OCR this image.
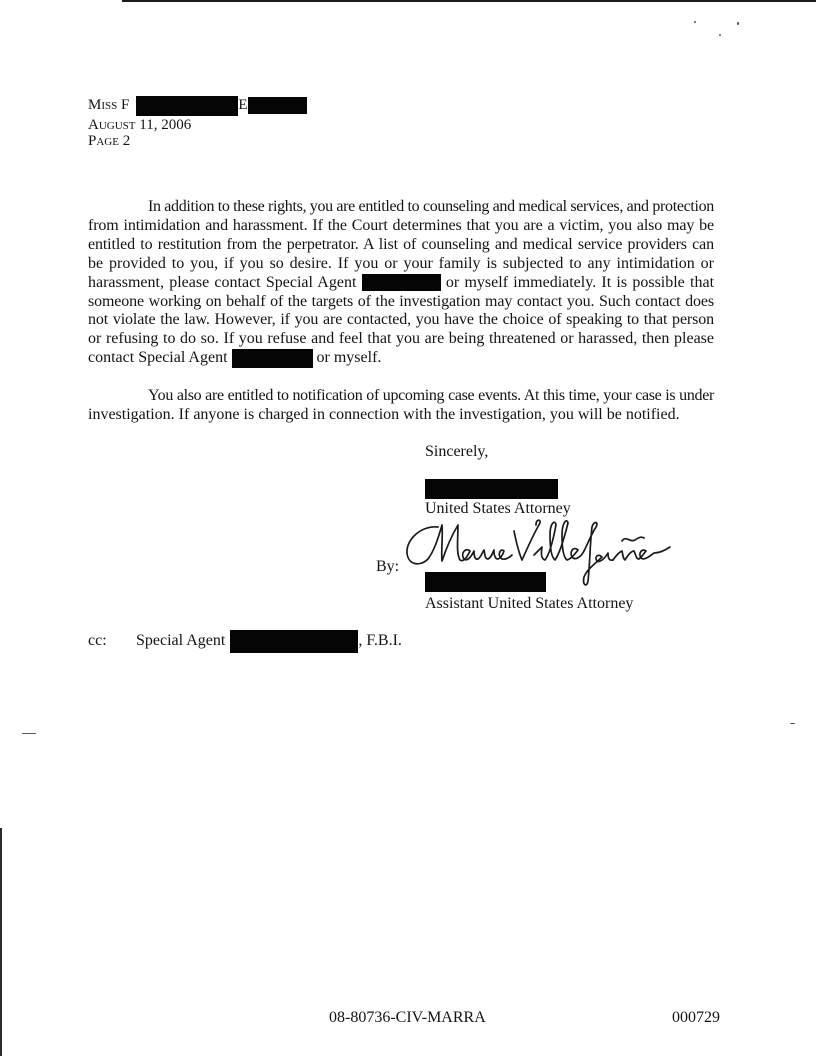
Miss F	E
August 11, 2006
Page 2
In addition to these rights, you are entitled to counseling and medical services, and protection
from intimidation and harassment. If the Court determines that you are a victim, you also may be
entitled to restitution from the perpetrator. A list of counseling and medical service providers can
be provided to you, if you so desire. If you or your family is subjected to any intimidation or
harassment, please contact Special Agent	or myself immediately. It is possible that
someone working on behalf of the targets of the investigation may contact you. Such contact does
not violate the law. However, if you are contacted, you have the choice of speaking to that person
or refusing to do so. If you refuse and feel that you are being threatened or harassed, then please
contact Special Agent	or myself.
You also are entitled to notification of upcoming case events. At this time, your case is under
investigation. If anyone is charged in connection with the investigation, you will be notified.
Sincerely,
United States Attorney
By:
Assistant United States Attorney
cc: Special Agent	, F.B.I.
08-80736-CIV-MARRA	000729
